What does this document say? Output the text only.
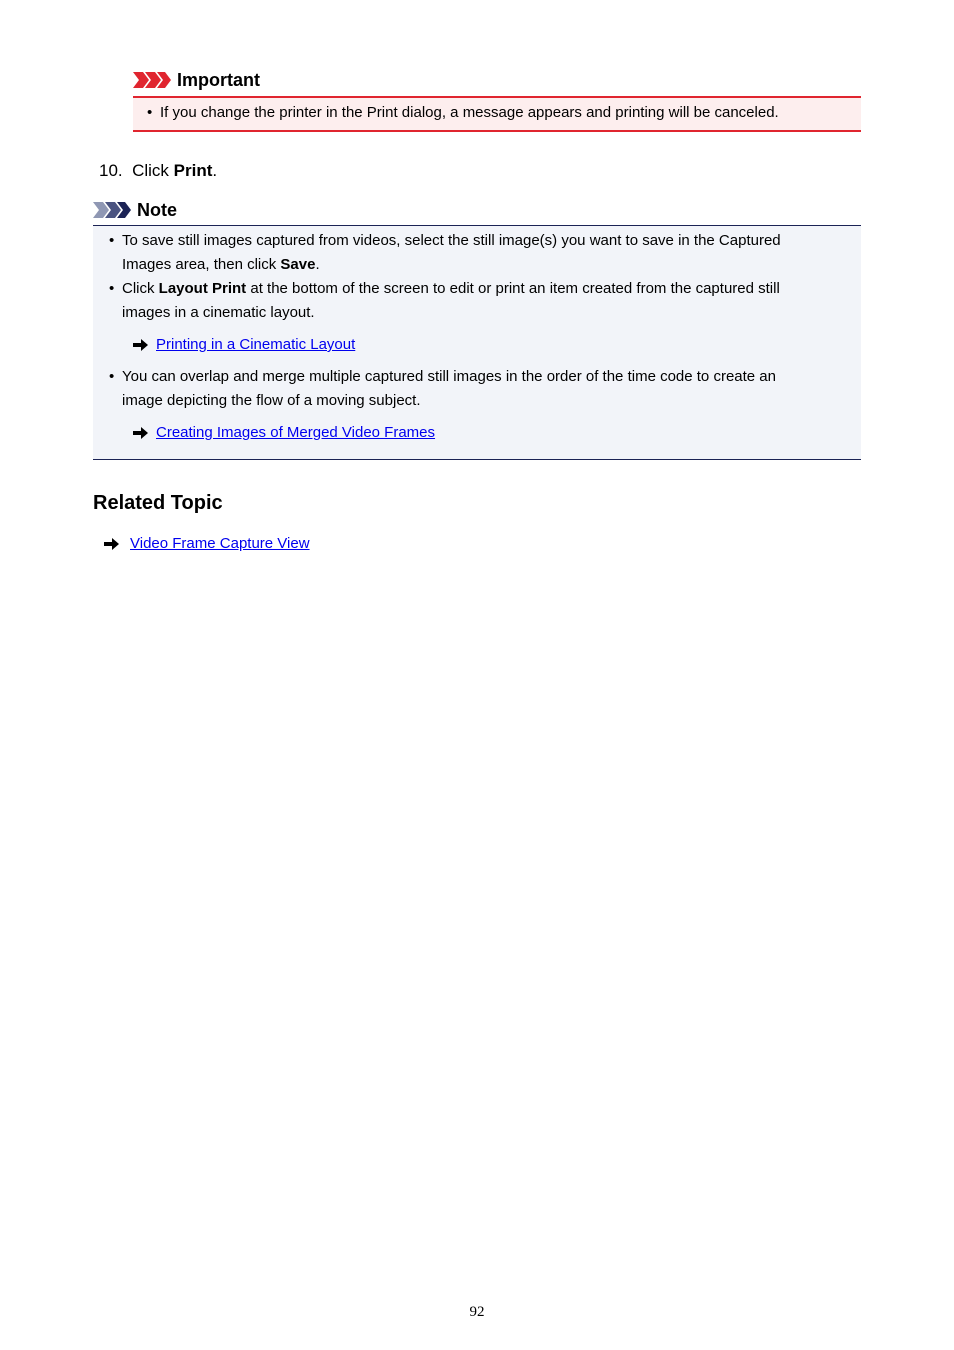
Important
• If you change the printer in the Print dialog, a message appears and printing will be canceled.
10. Click Print.
Note
• To save still images captured from videos, select the still image(s) you want to save in the Captured
Images area, then click Save.
• Click Layout Print at the bottom of the screen to edit or print an item created from the captured still
images in a cinematic layout.
Printing in a Cinematic Layout
• You can overlap and merge multiple captured still images in the order of the time code to create an
image depicting the flow of a moving subject.
Creating Images of Merged Video Frames
Related Topic
Video Frame Capture View
92
